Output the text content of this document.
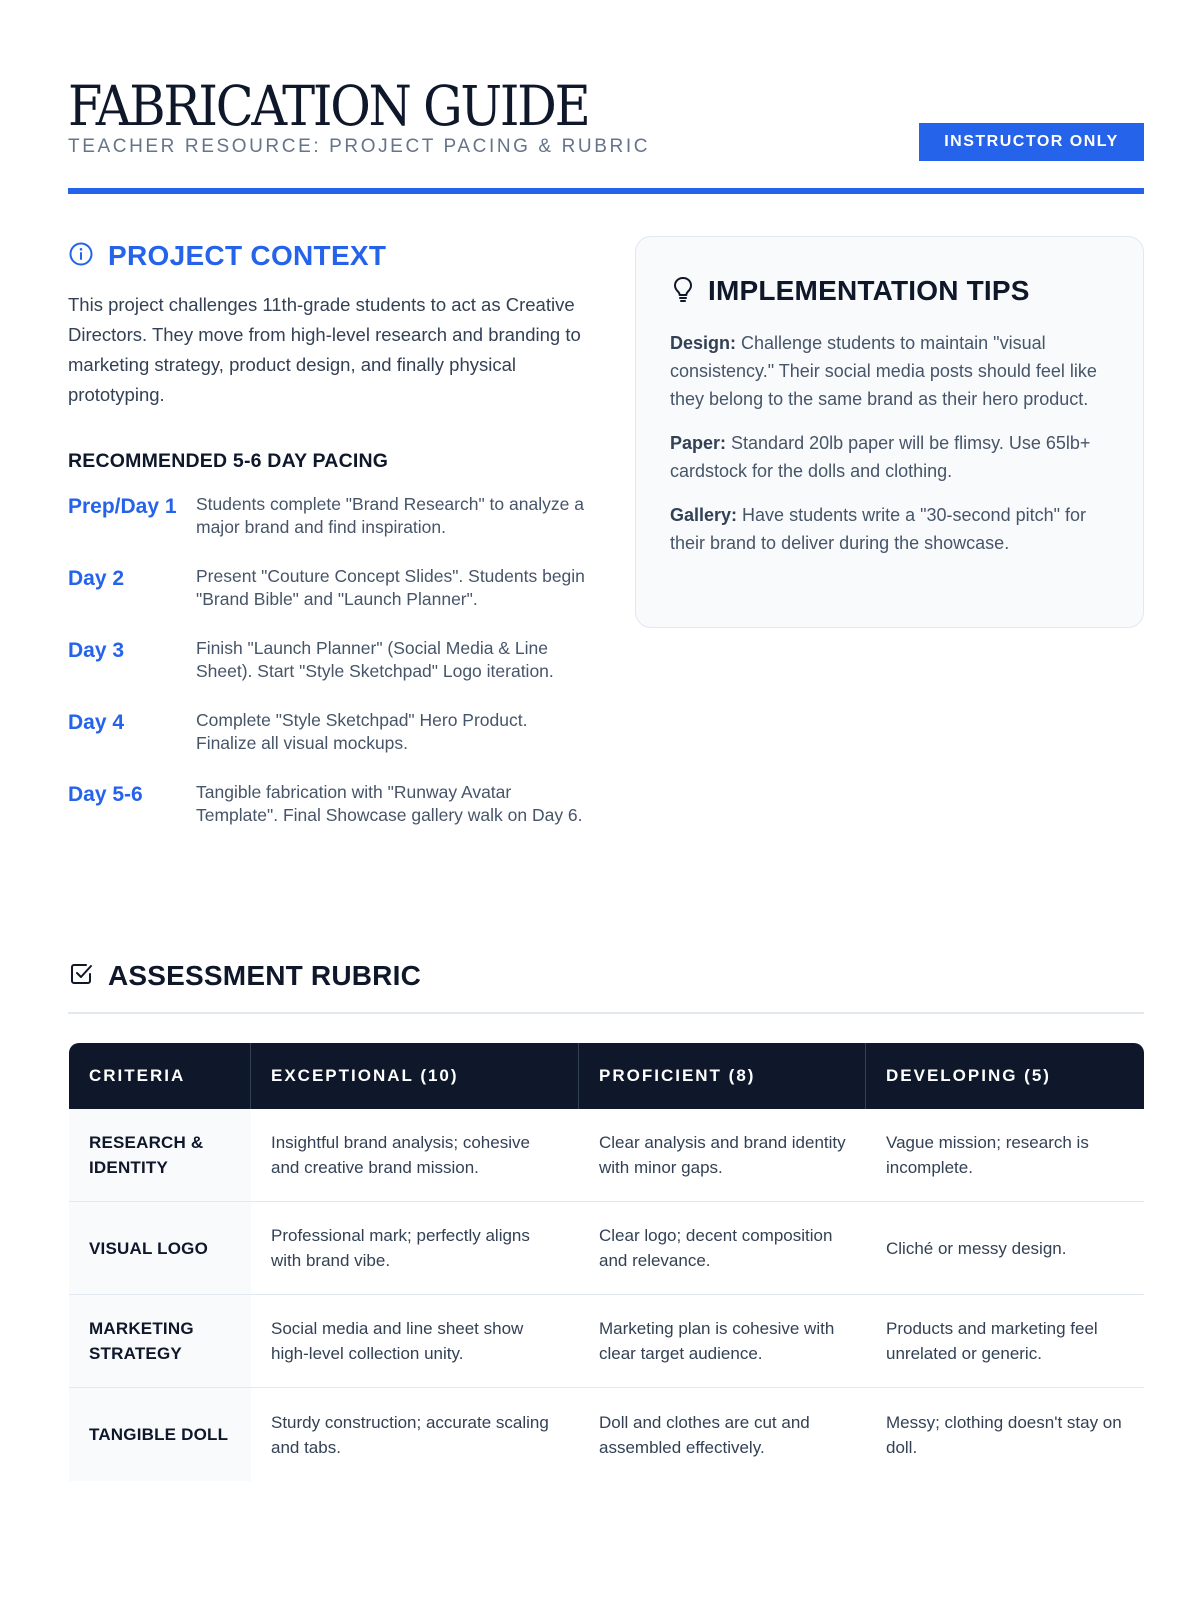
FABRICATION GUIDE
TEACHER RESOURCE: PROJECT PACING & RUBRIC	INSTRUCTOR ONLY
PROJECT CONTEXT

This project challenges 11th-grade students to act as Creative Directors. They move from high-level research and branding to marketing strategy, product design, and finally physical prototyping.

RECOMMENDED 5-6 DAY PACING
Prep/Day 1	Students complete "Brand Research" to analyze a major brand and find inspiration.
Day 2	Present "Couture Concept Slides". Students begin "Brand Bible" and "Launch Planner".
Day 3	Finish "Launch Planner" (Social Media & Line Sheet). Start "Style Sketchpad" Logo iteration.
Day 4	Complete "Style Sketchpad" Hero Product. Finalize all visual mockups.
Day 5-6	Tangible fabrication with "Runway Avatar Template". Final Showcase gallery walk on Day 6.
IMPLEMENTATION TIPS

Design: Challenge students to maintain "visual consistency." Their social media posts should feel like they belong to the same brand as their hero product.

Paper: Standard 20lb paper will be flimsy. Use 65lb+ cardstock for the dolls and clothing.

Gallery: Have students write a "30-second pitch" for their brand to deliver during the showcase.

ASSESSMENT RUBRIC
CRITERIA	EXCEPTIONAL (10)	PROFICIENT (8)	DEVELOPING (5)
RESEARCH & IDENTITY	Insightful brand analysis; cohesive and creative brand mission.	Clear analysis and brand identity with minor gaps.	Vague mission; research is incomplete.
VISUAL LOGO	Professional mark; perfectly aligns with brand vibe.	Clear logo; decent composition and relevance.	Cliché or messy design.
MARKETING STRATEGY	Social media and line sheet show high-level collection unity.	Marketing plan is cohesive with clear target audience.	Products and marketing feel unrelated or generic.
TANGIBLE DOLL	Sturdy construction; accurate scaling and tabs.	Doll and clothes are cut and assembled effectively.	Messy; clothing doesn't stay on doll.
